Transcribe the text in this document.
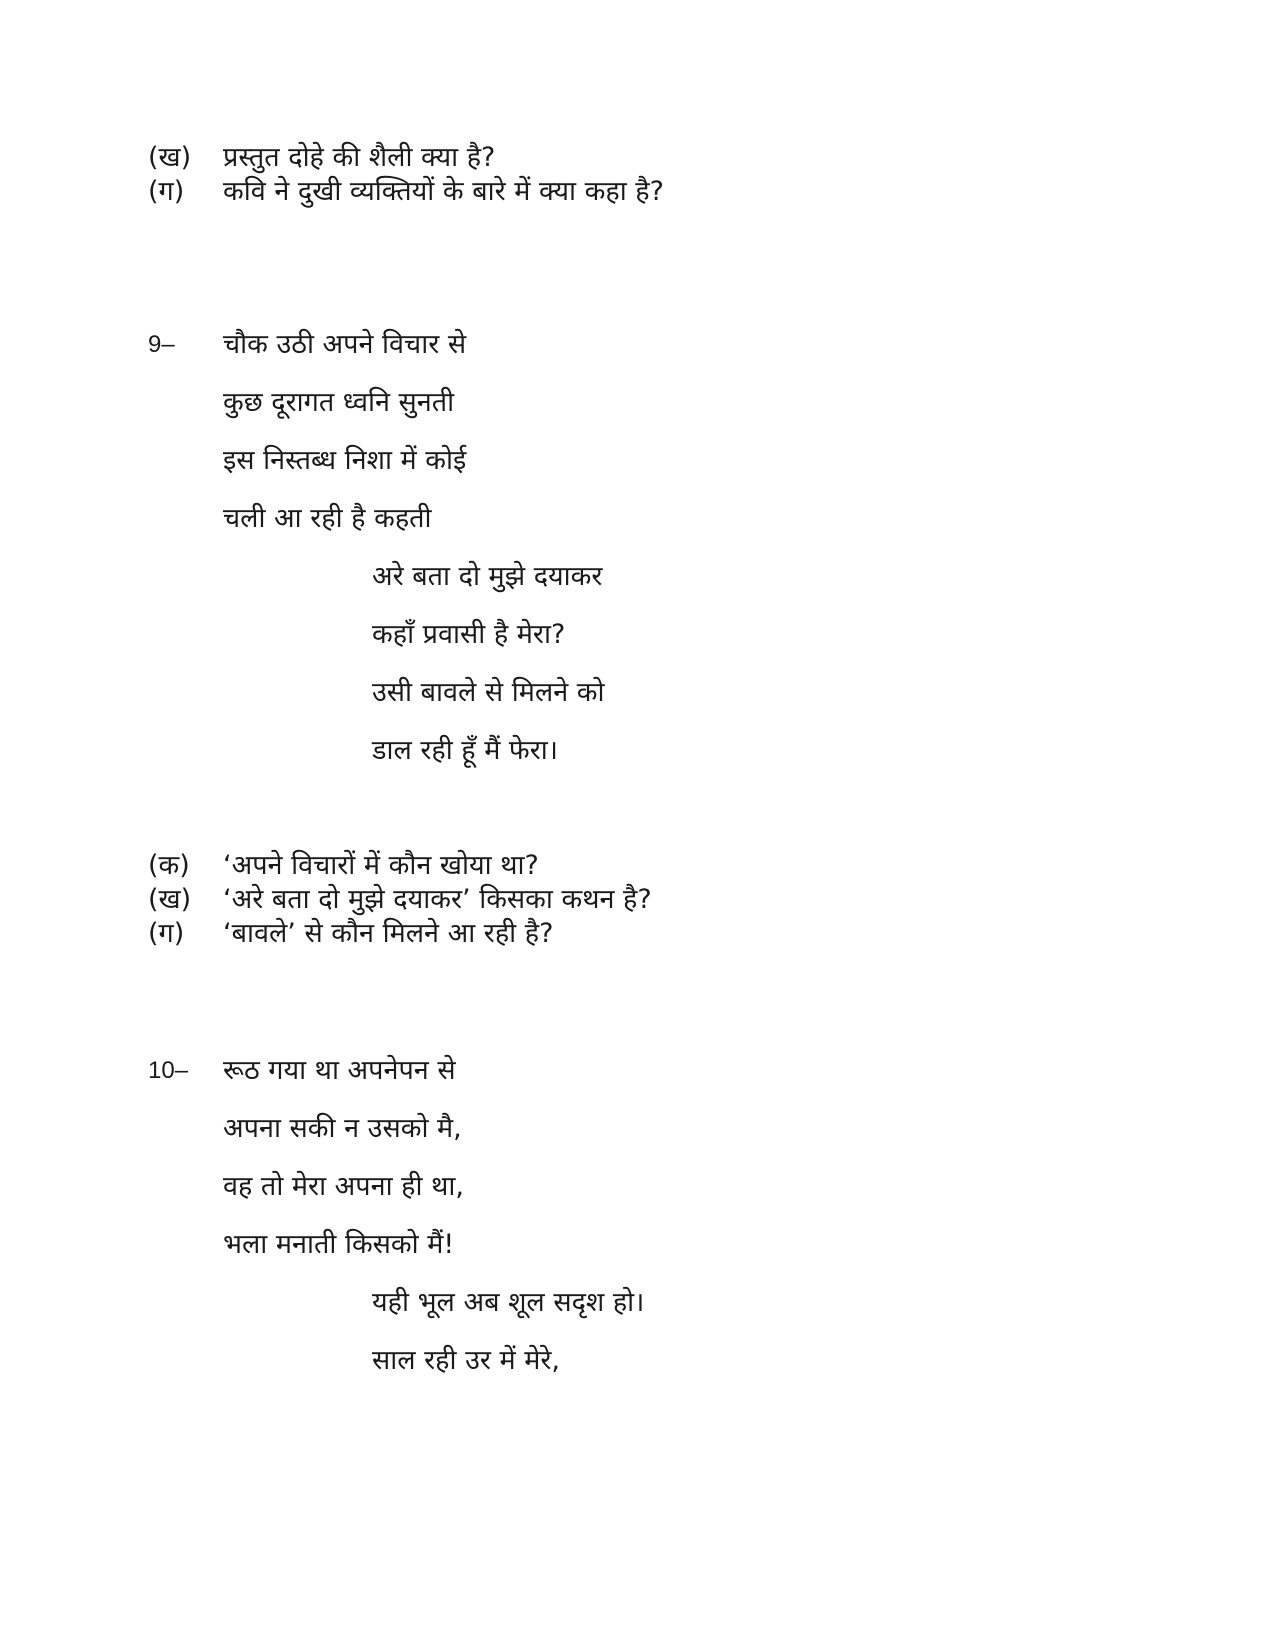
(ख) प्रस्तुत दोहे की शैली क्या है?
(ग) कवि ने दुखी व्यक्तियों के बारे में क्या कहा है?
9– चौक उठी अपने विचार से
कुछ दूरागत ध्वनि सुनती
इस निस्तब्ध निशा में कोई
चली आ रही है कहती
अरे बता दो मुझे दयाकर
कहाँ प्रवासी है मेरा?
उसी बावले से मिलने को
डाल रही हूँ मैं फेरा।
(क) ‘अपने विचारों में कौन खोया था?
(ख) ‘अरे बता दो मुझे दयाकर’ किसका कथन है?
(ग) ‘बावले’ से कौन मिलने आ रही है?
10– रूठ गया था अपनेपन से
अपना सकी न उसको मै,
वह तो मेरा अपना ही था,
भला मनाती किसको मैं!
यही भूल अब शूल सदृश हो।
साल रही उर में मेरे,
